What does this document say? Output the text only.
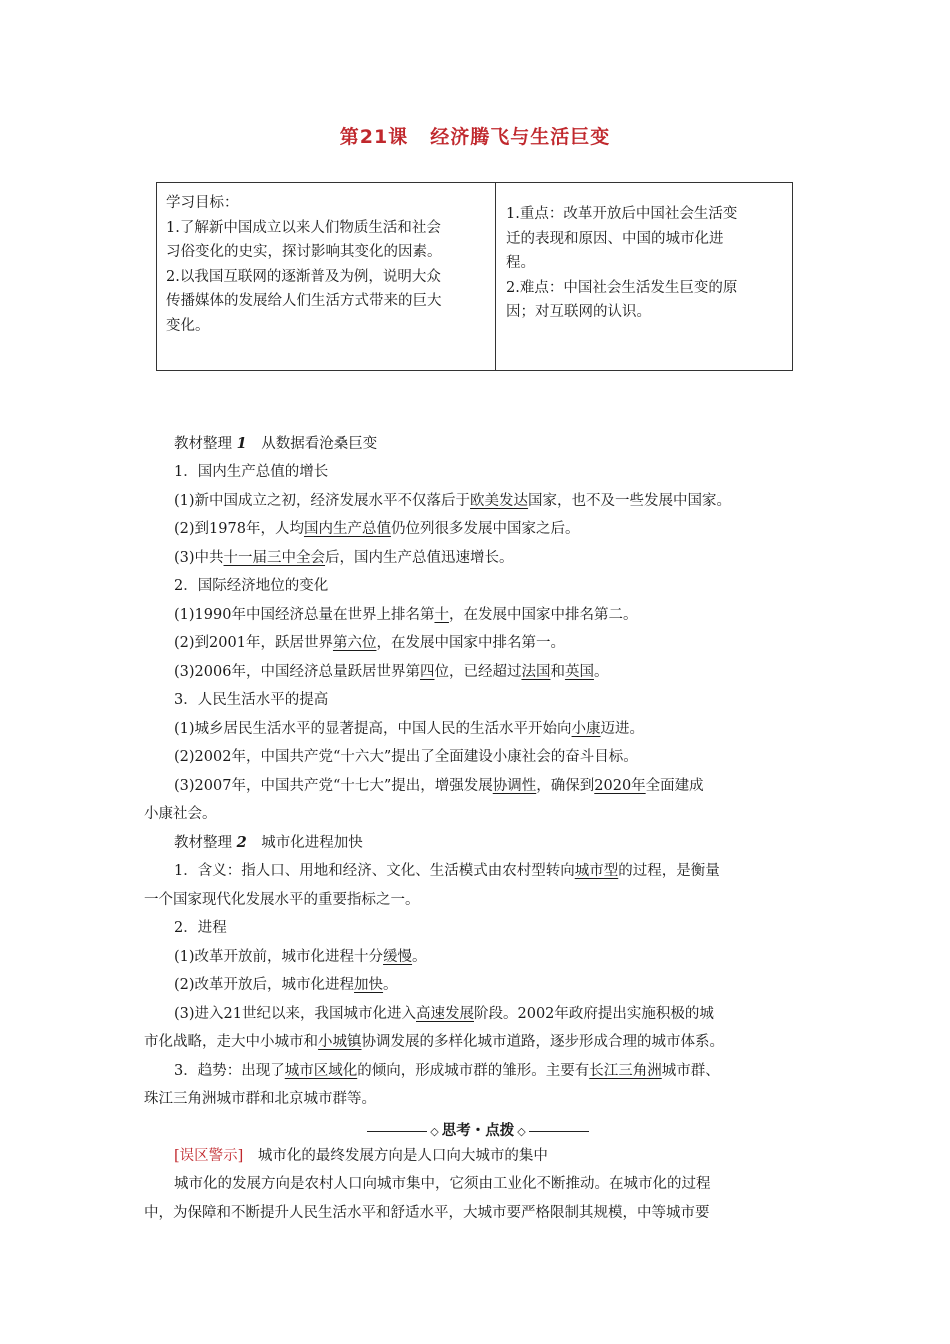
第21课 经济腾飞与生活巨变
学习目标：
1.了解新中国成立以来人们物质生活和社会
习俗变化的史实，探讨影响其变化的因素。
2.以我国互联网的逐渐普及为例，说明大众
传播媒体的发展给人们生活方式带来的巨大
变化。
1.重点：改革开放后中国社会生活变
迁的表现和原因、中国的城市化进
程。
2.难点：中国社会生活发生巨变的原
因；对互联网的认识。
教材整理 1　从数据看沧桑巨变
1．国内生产总值的增长
(1)新中国成立之初，经济发展水平不仅落后于欧美发达国家，也不及一些发展中国家。
(2)到1978年，人均国内生产总值仍位列很多发展中国家之后。
(3)中共十一届三中全会后，国内生产总值迅速增长。
2．国际经济地位的变化
(1)1990年中国经济总量在世界上排名第十，在发展中国家中排名第二。
(2)到2001年，跃居世界第六位，在发展中国家中排名第一。
(3)2006年，中国经济总量跃居世界第四位，已经超过法国和英国。
3．人民生活水平的提高
(1)城乡居民生活水平的显著提高，中国人民的生活水平开始向小康迈进。
(2)2002年，中国共产党“十六大”提出了全面建设小康社会的奋斗目标。
(3)2007年，中国共产党“十七大”提出，增强发展协调性，确保到2020年全面建成
小康社会。
教材整理 2　城市化进程加快
1．含义：指人口、用地和经济、文化、生活模式由农村型转向城市型的过程，是衡量
一个国家现代化发展水平的重要指标之一。
2．进程
(1)改革开放前，城市化进程十分缓慢。
(2)改革开放后，城市化进程加快。
(3)进入21世纪以来，我国城市化进入高速发展阶段。2002年政府提出实施积极的城
市化战略，走大中小城市和小城镇协调发展的多样化城市道路，逐步形成合理的城市体系。
3．趋势：出现了城市区域化的倾向，形成城市群的雏形。主要有长江三角洲城市群、
珠江三角洲城市群和北京城市群等。
◇ 思考・点拨 ◇
[误区警示]　城市化的最终发展方向是人口向大城市的集中
城市化的发展方向是农村人口向城市集中，它须由工业化不断推动。在城市化的过程
中，为保障和不断提升人民生活水平和舒适水平，大城市要严格限制其规模，中等城市要
